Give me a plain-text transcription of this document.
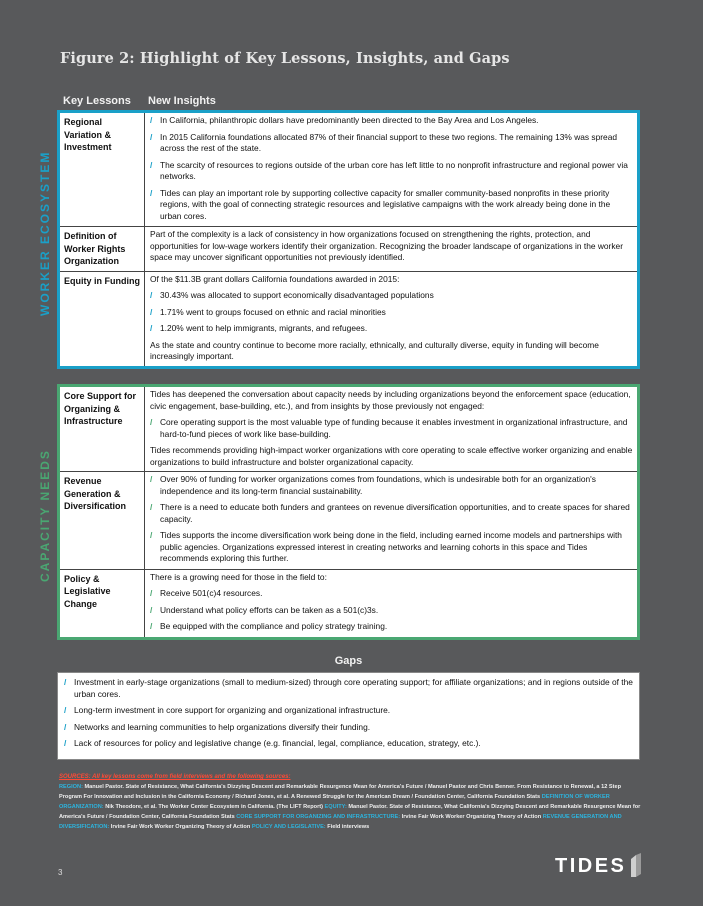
Figure 2: Highlight of Key Lessons, Insights, and Gaps
Key Lessons New Insights
WORKER ECOSYSTEM
Regional Variation & Investment
/ In California, philanthropic dollars have predominantly been directed to the Bay Area and Los Angeles.
/ In 2015 California foundations allocated 87% of their financial support to these two regions. The remaining 13% was spread across the rest of the state.
/ The scarcity of resources to regions outside of the urban core has left little to no nonprofit infrastructure and regional power via networks.
/ Tides can play an important role by supporting collective capacity for smaller community-based nonprofits in these priority regions, with the goal of connecting strategic resources and legislative campaigns with the work already being done in the urban cores.
Definition of Worker Rights Organization
Part of the complexity is a lack of consistency in how organizations focused on strengthening the rights, protection, and opportunities for low-wage workers identify their organization. Recognizing the broader landscape of organizations in the worker space may uncover significant opportunities not previously identified.
Equity in Funding	Of the $11.3B grant dollars California foundations awarded in 2015:
/ 30.43% was allocated to support economically disadvantaged populations
/ 1.71% went to groups focused on ethnic and racial minorities
/ 1.20% went to help immigrants, migrants, and refugees.
As the state and country continue to become more racially, ethnically, and culturally diverse, equity in funding will become increasingly important.
CAPACITY NEEDS
Core Support for Organizing & Infrastructure
Tides has deepened the conversation about capacity needs by including organizations beyond the enforcement space (education, civic engagement, base-building, etc.), and from insights by those previously not engaged:
/ Core operating support is the most valuable type of funding because it enables investment in organizational infrastructure, and hard-to-fund pieces of work like base-building.
Tides recommends providing high-impact worker organizations with core operating to scale effective worker organizing and enable organizations to build infrastructure and bolster organizational capacity.
Revenue Generation & Diversification
/ Over 90% of funding for worker organizations comes from foundations, which is undesirable both for an organization's independence and its long-term financial sustainability.
/ There is a need to educate both funders and grantees on revenue diversification opportunities, and to create spaces for shared capacity.
/ Tides supports the income diversification work being done in the field, including earned income models and partnerships with public agencies. Organizations expressed interest in creating networks and learning cohorts in this space and Tides recommends exploring this further.
Policy & Legislative Change
There is a growing need for those in the field to:
/ Receive 501(c)4 resources.
/ Understand what policy efforts can be taken as a 501(c)3s.
/ Be equipped with the compliance and policy strategy training.
Gaps
/ Investment in early-stage organizations (small to medium-sized) through core operating support; for affiliate organizations; and in regions outside of the urban cores.
/ Long-term investment in core support for organizing and organizational infrastructure.
/ Networks and learning communities to help organizations diversify their funding.
/ Lack of resources for policy and legislative change (e.g. financial, legal, compliance, education, strategy, etc.).
SOURCES: All key lessons come from field interviews and the following sources:
REGION: Manuel Pastor. State of Resistance, What California's Dizzying Descent and Remarkable Resurgence Mean for America's Future / Manuel Pastor and Chris Benner. From Resistance to Renewal, a 12 Step Program For Innovation and Inclusion in the California Economy / Richard Jones, et al. A Renewed Struggle for the American Dream / Foundation Center, California Foundation Stats DEFINITION OF WORKER ORGANIZATION: Nik Theodore, et al. The Worker Center Ecosystem in California. (The LIFT Report) EQUITY: Manuel Pastor. State of Resistance, What California's Dizzying Descent and Remarkable Resurgence Mean for America's Future / Foundation Center, California Foundation Stats CORE SUPPORT FOR ORGANIZING AND INFRASTRUCTURE: Irvine Fair Work Worker Organizing Theory of Action REVENUE GENERATION AND DIVERSIFICATION: Irvine Fair Work Worker Organizing Theory of Action POLICY AND LEGISLATIVE: Field interviews
3	TIDES
